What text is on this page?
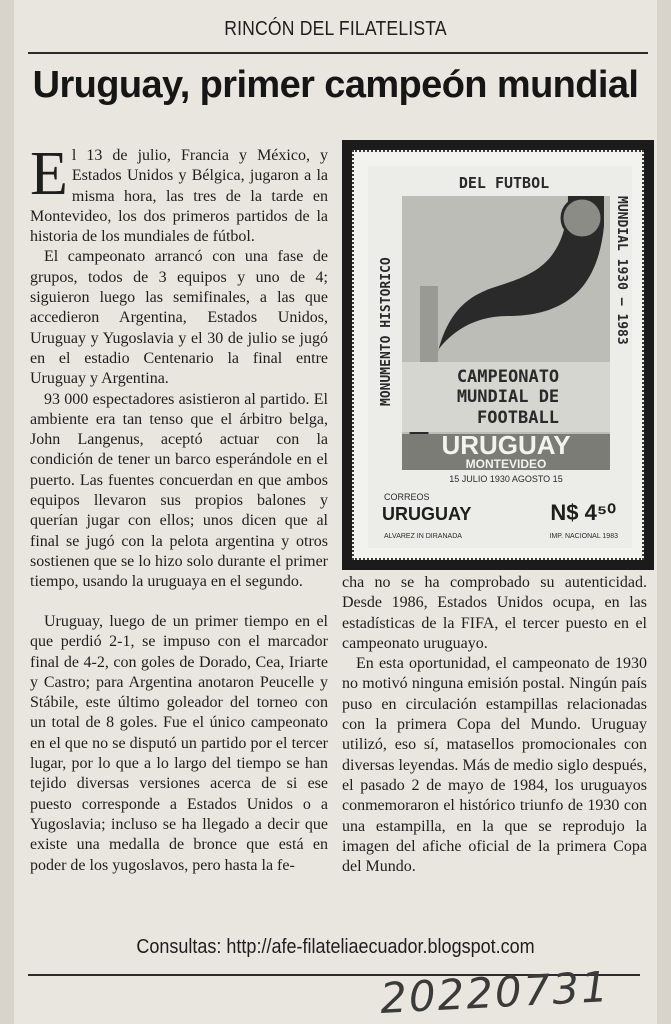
RINCÓN DEL FILATELISTA
Uruguay, primer campeón mundial

El 13 de julio, Francia y México, y Estados Unidos y Bélgica, jugaron a la misma hora, las tres de la tarde en Montevideo, los dos primeros partidos de la historia de los mundiales de fútbol.

El campeonato arrancó con una fase de grupos, todos de 3 equipos y uno de 4; siguieron luego las semifinales, a las que accedieron Argentina, Estados Unidos, Uruguay y Yugoslavia y el 30 de julio se jugó en el estadio Centenario la final entre Uruguay y Argentina.

93 000 espectadores asistieron al partido. El ambiente era tan tenso que el árbitro belga, John Langenus, aceptó actuar con la condición de tener un barco esperándole en el puerto. Las fuentes concuerdan en que ambos equipos llevaron sus propios balones y querían jugar con ellos; unos dicen que al final se jugó con la pelota argentina y otros sostienen que se lo hizo solo durante el primer tiempo, usando la uruguaya en el segundo.

Uruguay, luego de un primer tiempo en el que perdió 2-1, se impuso con el marcador final de 4-2, con goles de Dorado, Cea, Iriarte y Castro; para Argentina anotaron Peucelle y Stábile, este último goleador del torneo con un total de 8 goles. Fue el único campeonato en el que no se disputó un partido por el tercer lugar, por lo que a lo largo del tiempo se han tejido diversas versiones acerca de si ese puesto corresponde a Estados Unidos o a Yugoslavia; incluso se ha llegado a decir que existe una medalla de bronce que está en poder de los yugoslavos, pero hasta la fe-

DEL FUTBOL
MONUMENTO HISTORICO	MUNDIAL 1930 — 1983
CAMPEONATO
MUNDIAL DE
FOOTBALL
URUGUAY
MONTEVIDEO
15 JULIO 1930 AGOSTO 15
CORREOS
URUGUAY	N$ 4⁵⁰
ALVAREZ IN DIRANADA	IMP. NACIONAL 1983

cha no se ha comprobado su autenticidad. Desde 1986, Estados Unidos ocupa, en las estadísticas de la FIFA, el tercer puesto en el campeonato uruguayo.

En esta oportunidad, el campeonato de 1930 no motivó ninguna emisión postal. Ningún país puso en circulación estampillas relacionadas con la primera Copa del Mundo. Uruguay utilizó, eso sí, matasellos promocionales con diversas leyendas. Más de medio siglo después, el pasado 2 de mayo de 1984, los uruguayos conmemoraron el histórico triunfo de 1930 con una estampilla, en la que se reprodujo la imagen del afiche oficial de la primera Copa del Mundo.

Consultas: http://afe-filateliaecuador.blogspot.com
20220731
